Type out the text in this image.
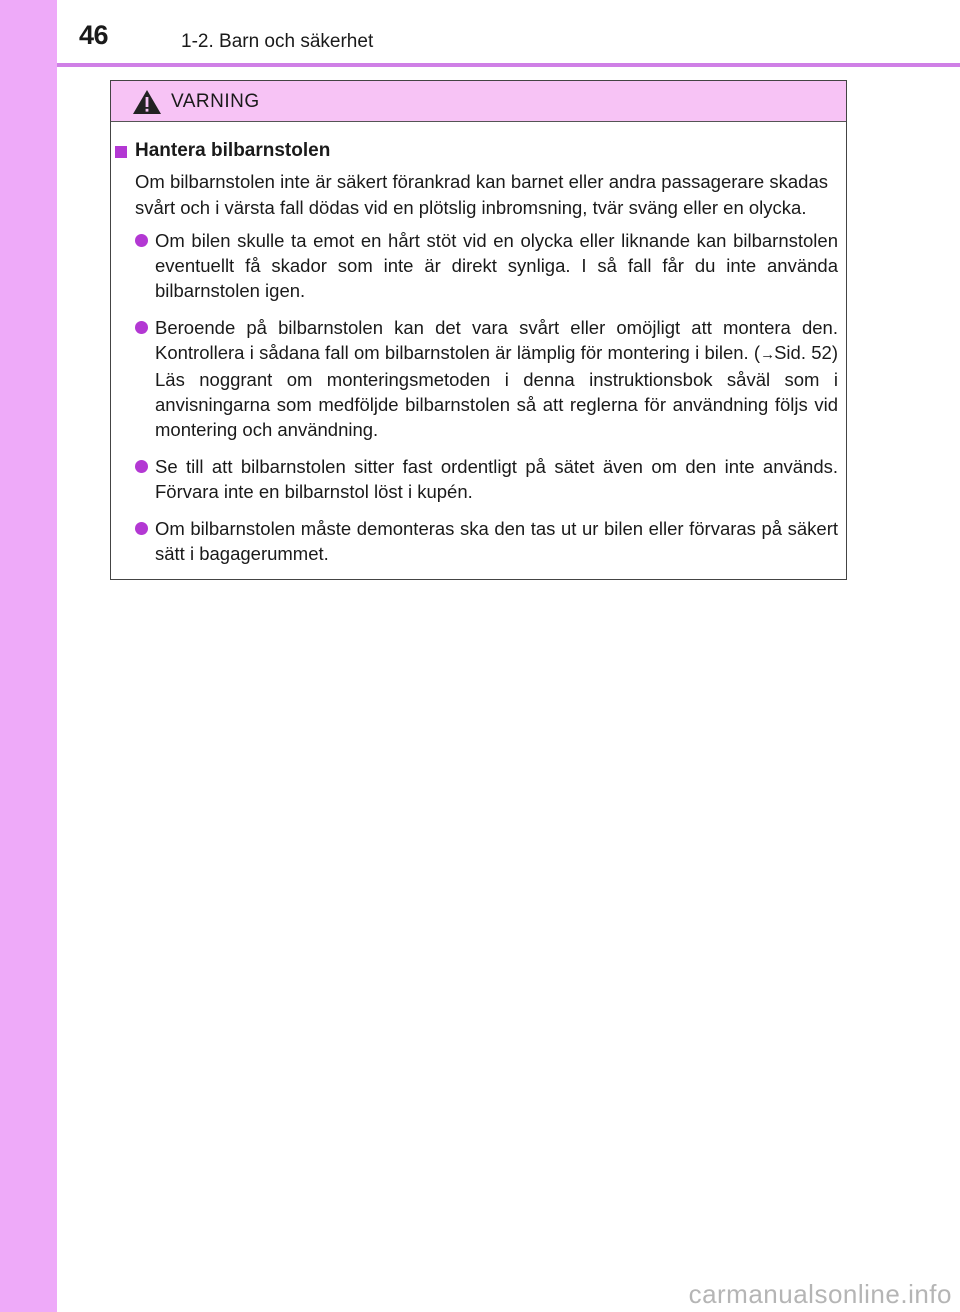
46	1-2. Barn och säkerhet
VARNING
Hantera bilbarnstolen

Om bilbarnstolen inte är säkert förankrad kan barnet eller andra passagerare skadas svårt och i värsta fall dödas vid en plötslig inbromsning, tvär sväng eller en olycka.

Om bilen skulle ta emot en hårt stöt vid en olycka eller liknande kan bilbarnstolen eventuellt få skador som inte är direkt synliga. I så fall får du inte använda bilbarnstolen igen.
Beroende på bilbarnstolen kan det vara svårt eller omöjligt att montera den. Kontrollera i sådana fall om bilbarnstolen är lämplig för montering i bilen. (→Sid. 52) Läs noggrant om monteringsmetoden i denna instruktionsbok såväl som i anvisningarna som medföljde bilbarnstolen så att reglerna för användning följs vid montering och användning.
Se till att bilbarnstolen sitter fast ordentligt på sätet även om den inte används. Förvara inte en bilbarnstol löst i kupén.
Om bilbarnstolen måste demonteras ska den tas ut ur bilen eller förvaras på säkert sätt i bagagerummet.
carmanualsonline.info
